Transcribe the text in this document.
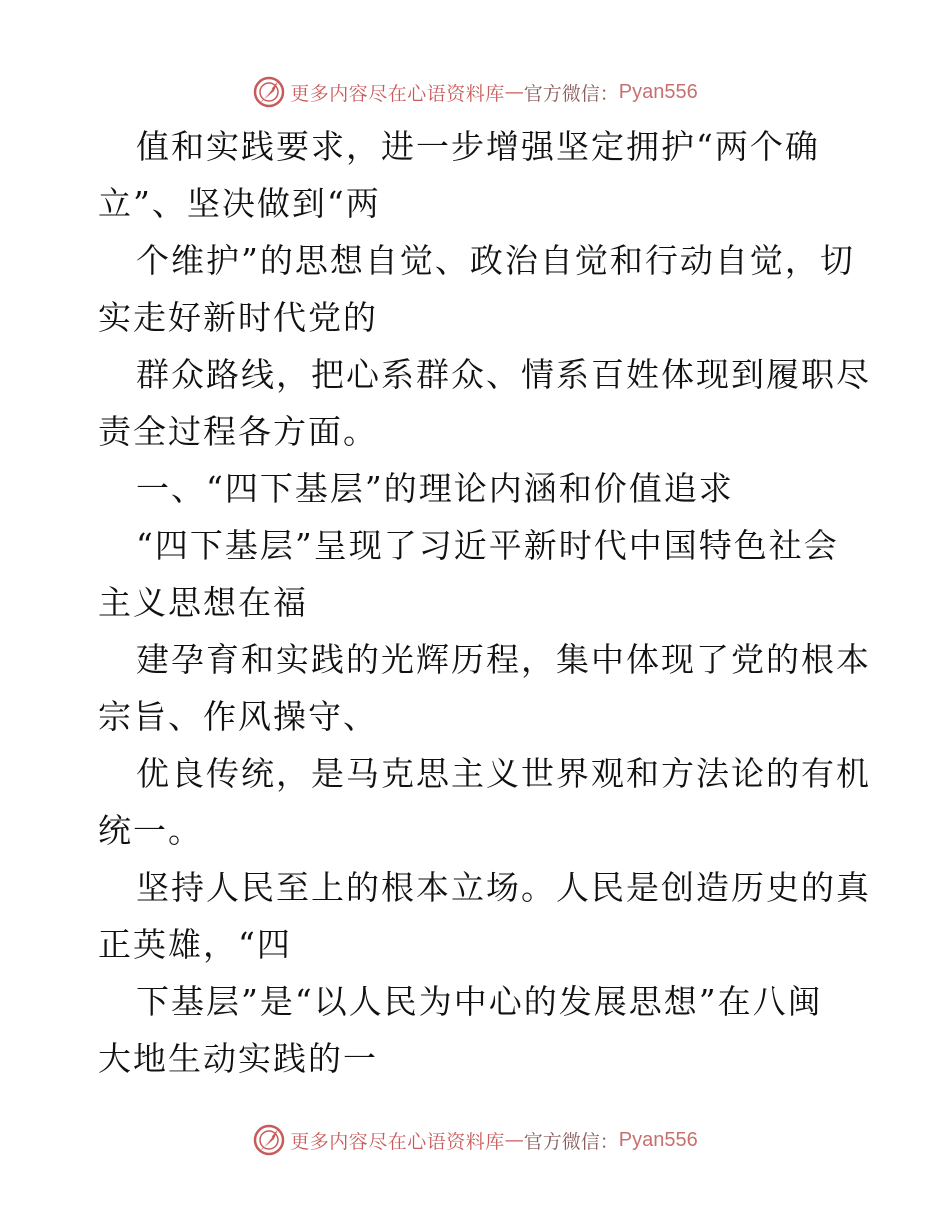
更多内容尽在心语资料库 — 官方微信： Pyan556
值和实践要求，进一步增强坚定拥护“两个确
立”、坚决做到“两
个维护”的思想自觉、政治自觉和行动自觉，切
实走好新时代党的
群众路线，把心系群众、情系百姓体现到履职尽
责全过程各方面。
一、“四下基层”的理论内涵和价值追求
“四下基层”呈现了习近平新时代中国特色社会
主义思想在福
建孕育和实践的光辉历程，集中体现了党的根本
宗旨、作风操守、
优良传统，是马克思主义世界观和方法论的有机
统一。
坚持人民至上的根本立场。人民是创造历史的真
正英雄，“四
下基层”是“以人民为中心的发展思想”在八闽
大地生动实践的一
更多内容尽在心语资料库 — 官方微信： Pyan556
